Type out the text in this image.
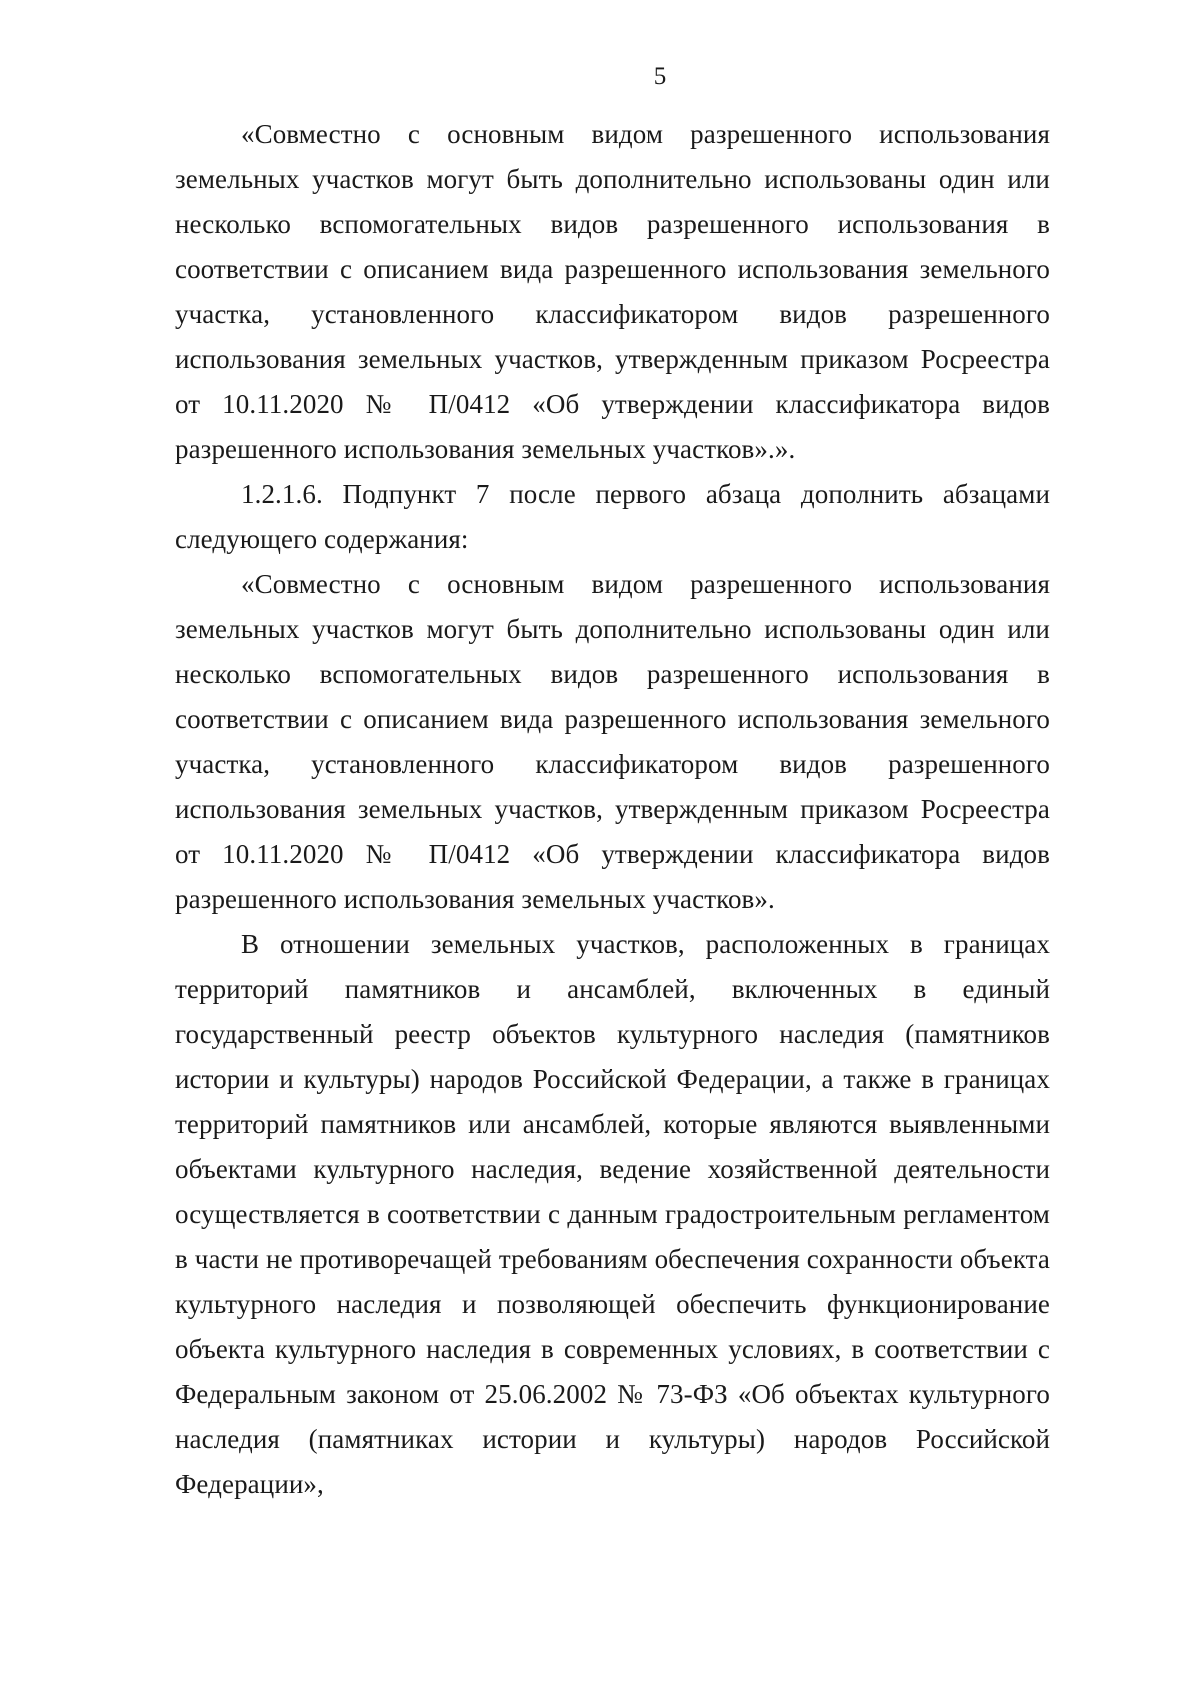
5

«Совместно с основным видом разрешенного использования земельных участков могут быть дополнительно использованы один или несколько вспомогательных видов разрешенного использования в соответствии с описанием вида разрешенного использования земельного участка, установленного классификатором видов разрешенного использования земельных участков, утвержденным приказом Росреестра от 10.11.2020 № П/0412 «Об утверждении классификатора видов разрешенного использования земельных участков».».

1.2.1.6. Подпункт 7 после первого абзаца дополнить абзацами следующего содержания:

«Совместно с основным видом разрешенного использования земельных участков могут быть дополнительно использованы один или несколько вспомогательных видов разрешенного использования в соответствии с описанием вида разрешенного использования земельного участка, установленного классификатором видов разрешенного использования земельных участков, утвержденным приказом Росреестра от 10.11.2020 № П/0412 «Об утверждении классификатора видов разрешенного использования земельных участков».

В отношении земельных участков, расположенных в границах территорий памятников и ансамблей, включенных в единый государственный реестр объектов культурного наследия (памятников истории и культуры) народов Российской Федерации, а также в границах территорий памятников или ансамблей, которые являются выявленными объектами культурного наследия, ведение хозяйственной деятельности осуществляется в соответствии с данным градостроительным регламентом в части не противоречащей требованиям обеспечения сохранности объекта культурного наследия и позволяющей обеспечить функционирование объекта культурного наследия в современных условиях, в соответствии с Федеральным законом от 25.06.2002 № 73-ФЗ «Об объектах культурного наследия (памятниках истории и культуры) народов Российской Федерации»,
